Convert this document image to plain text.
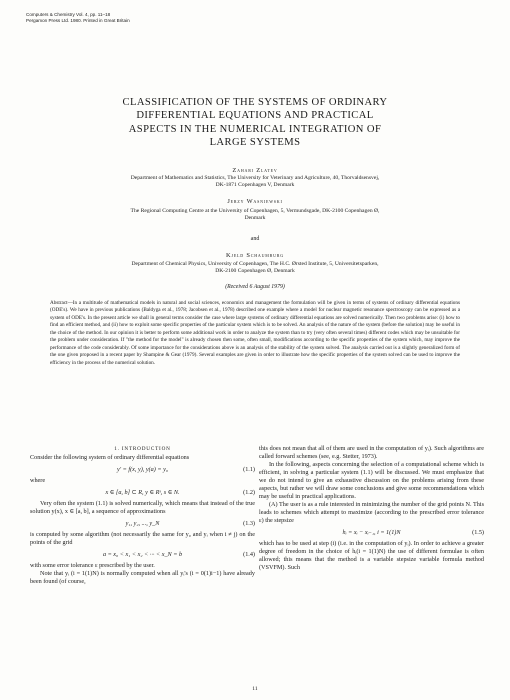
Computers & Chemistry Vol. 4, pp. 11–18
Pergamon Press Ltd. 1980. Printed in Great Britain
CLASSIFICATION OF THE SYSTEMS OF ORDINARY
DIFFERENTIAL EQUATIONS AND PRACTICAL
ASPECTS IN THE NUMERICAL INTEGRATION OF
LARGE SYSTEMS
Zahari Zlatev
Department of Mathematics and Statistics, The University for Veterinary and Agriculture, 40, Thorvaldsensvej,
DK-1871 Copenhagen V, Denmark
Jerzy Wasniewski
The Regional Computing Centre at the University of Copenhagen, 5, Vermundsgade, DK-2100 Copenhagen Ø,
Denmark
and
Kjeld Schaumburg
Department of Chemical Physics, University of Copenhagen, The H.C. Ørsted Institute, 5, Universitetsparken,
DK-2100 Copenhagen Ø, Denmark
(Received 6 August 1979)
Abstract—In a multitude of mathematical models in natural and social sciences, economics and management the formulation will be given in terms of systems of ordinary differential equations (ODE's). We have in previous publications (Baldyga et al., 1978; Jacobsen et al., 1978) described one example where a model for nuclear magnetic resonance spectroscopy can be expressed as a system of ODE's. In the present article we shall in general terms consider the case where large systems of ordinary differential equations are solved numerically. Then two problems arise: (i) how to find an efficient method, and (ii) how to exploit some specific properties of the particular system which is to be solved. An analysis of the nature of the system (before the solution) may be useful in the choice of the method. In our opinion it is better to perform some additional work in order to analyze the system than to try (very often several times) different codes which may be unsuitable for the problem under consideration. If "the method for the model" is already chosen then some, often small, modifications according to the specific properties of the system which, may improve the performance of the code considerably. Of some importance for the considerations above is an analysis of the stability of the system solved. The analysis carried out is a slightly generalized form of the one given proposed in a recent paper by Shampine & Gear (1979). Several examples are given in order to illustrate how the specific properties of the system solved can be used to improve the efficiency in the process of the numerical solution.
1. INTRODUCTION

Consider the following system of ordinary differential equations

y′ = f(x, y), y(a) = y₀	(1.1)

where

x ∈ [a, b] ⊂ R, y ∈ Rˢ, s ∈ N.	(1.2)

Very often the system (1.1) is solved numerically, which means that instead of the true solution y(x), x ∈ [a, b], a sequence of approximations

y₁, y₂, ..., y_N	(1.3)

is computed by some algorithm (not necessarily the same for y₀ and yᵢ when i ≠ j) on the points of the grid

a = x₀ < x₁ < x₂ < ··· < x_N = b	(1.4)

with some error tolerance ε prescribed by the user.

Note that yᵢ (i = 1(1)N) is normally computed when all yᵢ's (i = 0(1)i−1) have already been found (of course,

this does not mean that all of them are used in the computation of yᵢ). Such algorithms are called forward schemes (see, e.g. Stetter, 1973).

In the following, aspects concerning the selection of a computational scheme which is efficient, in solving a particular system (1.1) will be discussed. We must emphasize that we do not intend to give an exhaustive discussion on the problems arising from these aspects, but rather we will draw some conclusions and give some recommendations which may be useful in practical applications.

(A) The user is as a rule interested in minimizing the number of the grid points N. This leads to schemes which attempt to maximize (according to the prescribed error tolerance ε) the stepsize

hᵢ = xᵢ − xᵢ₋₁, i = 1(1)N	(1.5)

which has to be used at step (i) (i.e. in the computation of yᵢ). In order to achieve a greater degree of freedom in the choice of hᵢ(i = 1(1)N) the use of different formulae is often allowed; this means that the method is a variable stepsize variable formula method (VSVFM). Such

11
